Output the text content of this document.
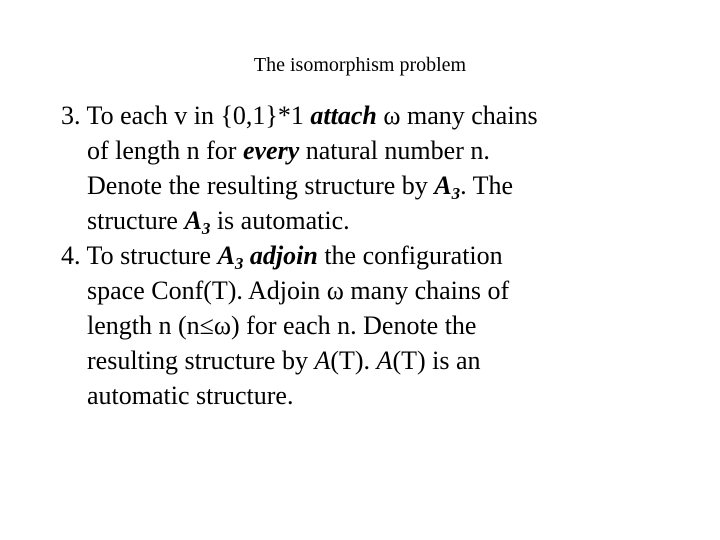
The isomorphism problem
3. To each v in {0,1}*1 attach ω many chains
of length n for every natural number n.
Denote the resulting structure by $A_3$. The
structure $A_3$ is automatic.
4. To structure $A_3$ adjoin the configuration
space Conf(T). Adjoin ω many chains of
length n (n≤ω) for each n. Denote the
resulting structure by A(T). A(T) is an
automatic structure.
